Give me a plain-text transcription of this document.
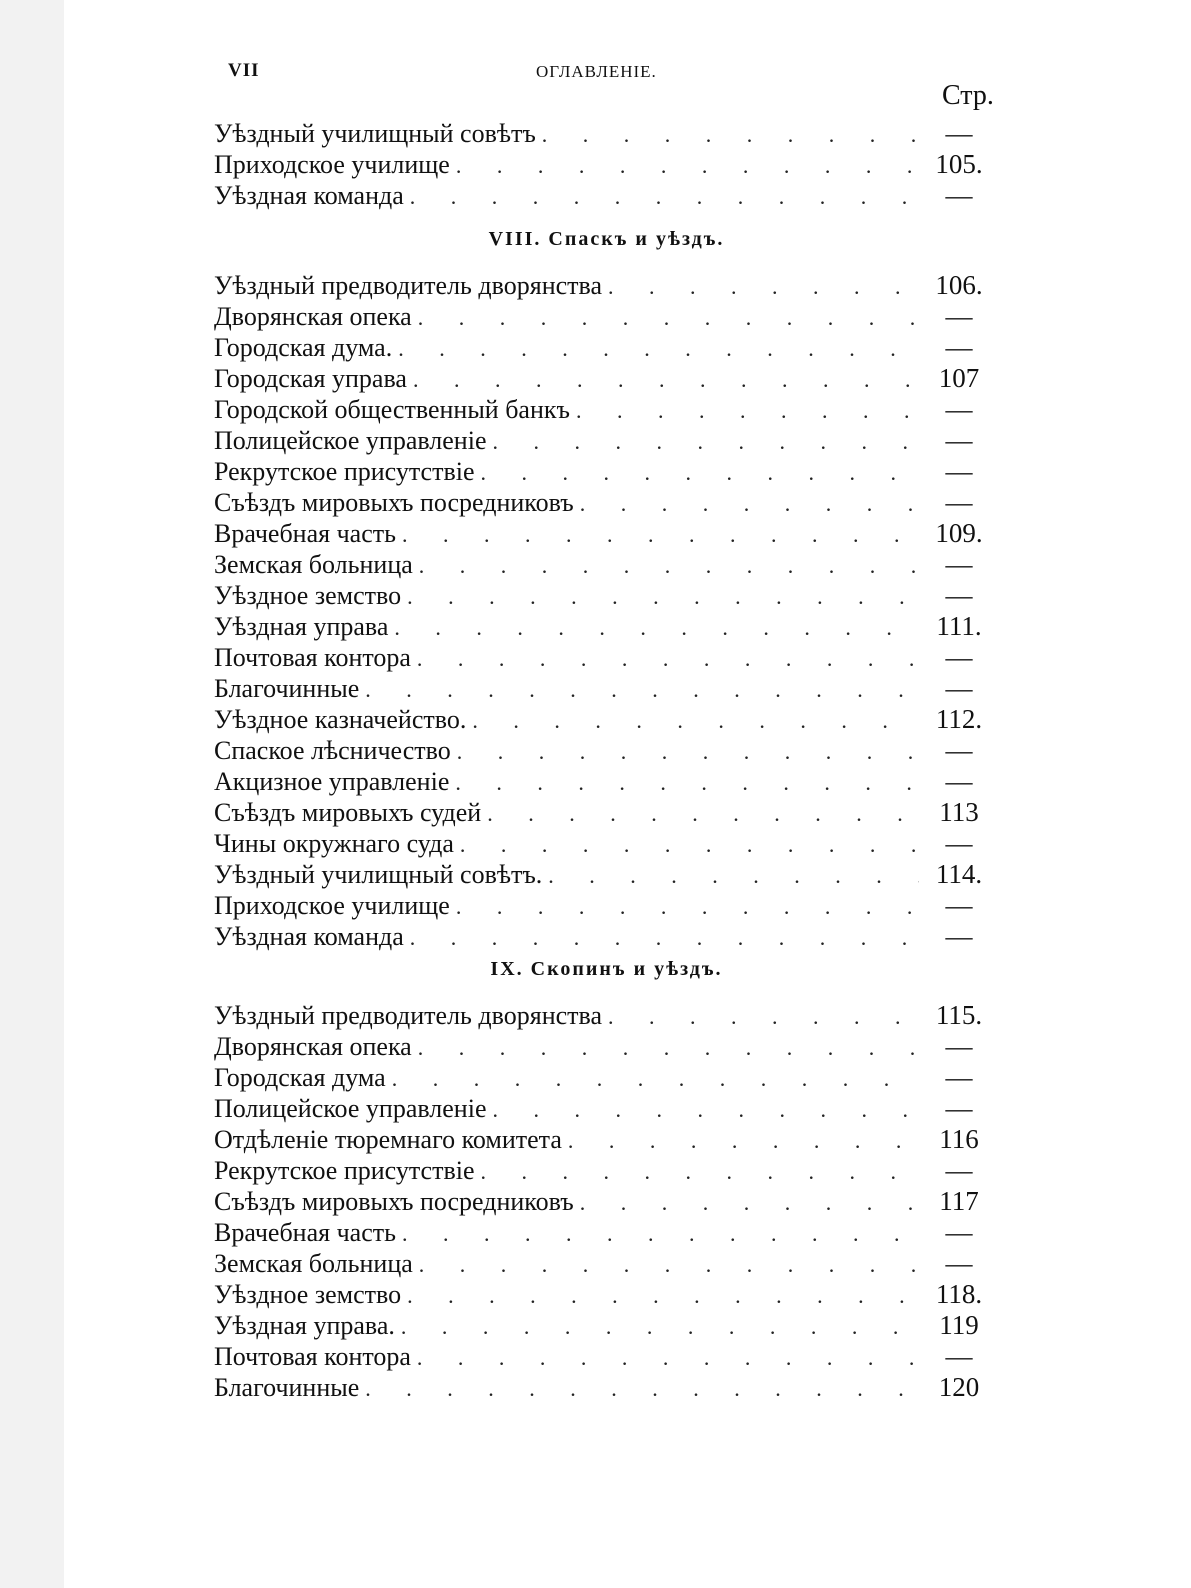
VII	ОГЛАВЛЕНІЕ.
Стр.
Уѣздный училищный совѣтъ . . .	—
Приходское училище . . .	105.
Уѣздная команда . . .	—
VIII. Спаскъ и уѣздъ.
Уѣздный предводитель дворянства . . .	106.
Дворянская опека . . .	—
Городская дума. . . .	—
Городская управа . . .	107
Городской общественный банкъ . . .	—
Полицейское управленіе . . .	—
Рекрутское присутствіе . . .	—
Съѣздъ мировыхъ посредниковъ . . .	—
Врачебная часть . . .	109.
Земская больница . . .	—
Уѣздное земство . . .	—
Уѣздная управа . . .	111.
Почтовая контора . . .	—
Благочинные . . .	—
Уѣздное казначейство. . . .	112.
Спаское лѣсничество . . .	—
Акцизное управленіе . . .	—
Съѣздъ мировыхъ судей . . .	113
Чины окружнаго суда . . .	—
Уѣздный училищный совѣтъ. . . .	114.
Приходское училище . . .	—
Уѣздная команда . . .	—
IX. Скопинъ и уѣздъ.
Уѣздный предводитель дворянства . . .	115.
Дворянская опека . . .	—
Городская дума . . .	—
Полицейское управленіе . . .	—
Отдѣленіе тюремнаго комитета . . .	116
Рекрутское присутствіе . . .	—
Съѣздъ мировыхъ посредниковъ . . .	117
Врачебная часть . . .	—
Земская больница . . .	—
Уѣздное земство . . .	118.
Уѣздная управа. . . .	119
Почтовая контора . . .	—
Благочинные . . .	120
